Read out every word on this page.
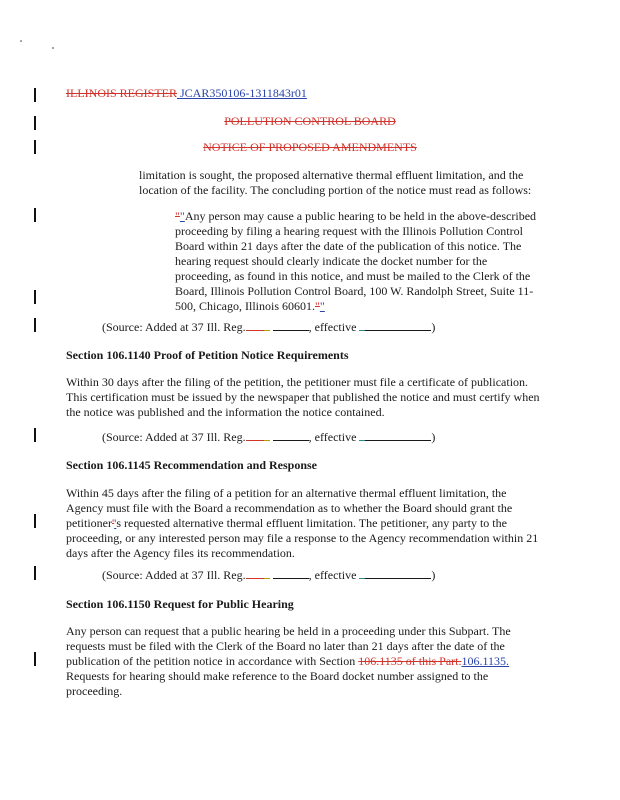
ILLINOIS REGISTER JCAR350106-1311843r01
POLLUTION CONTROL BOARD
NOTICE OF PROPOSED AMENDMENTS
limitation is sought, the proposed alternative thermal effluent limitation, and the location of the facility. The concluding portion of the notice must read as follows:
""Any person may cause a public hearing to be held in the above-described proceeding by filing a hearing request with the Illinois Pollution Control Board within 21 days after the date of the publication of this notice. The hearing request should clearly indicate the docket number for the proceeding, as found in this notice, and must be mailed to the Clerk of the Board, Illinois Pollution Control Board, 100 W. Randolph Street, Suite 11-500, Chicago, Illinois 60601.""
(Source: Added at 37 Ill. Reg.	, effective	)
Section 106.1140 Proof of Petition Notice Requirements
Within 30 days after the filing of the petition, the petitioner must file a certificate of publication. This certification must be issued by the newspaper that published the notice and must certify when the notice was published and the information the notice contained.
(Source: Added at 37 Ill. Reg.	, effective	)
Section 106.1145 Recommendation and Response
Within 45 days after the filing of a petition for an alternative thermal effluent limitation, the Agency must file with the Board a recommendation as to whether the Board should grant the petitioner''s requested alternative thermal effluent limitation. The petitioner, any party to the proceeding, or any interested person may file a response to the Agency recommendation within 21 days after the Agency files its recommendation.
(Source: Added at 37 Ill. Reg.	, effective	)
Section 106.1150 Request for Public Hearing
Any person can request that a public hearing be held in a proceeding under this Subpart. The requests must be filed with the Clerk of the Board no later than 21 days after the date of the publication of the petition notice in accordance with Section 106.1135 of this Part.106.1135. Requests for hearing should make reference to the Board docket number assigned to the proceeding.
